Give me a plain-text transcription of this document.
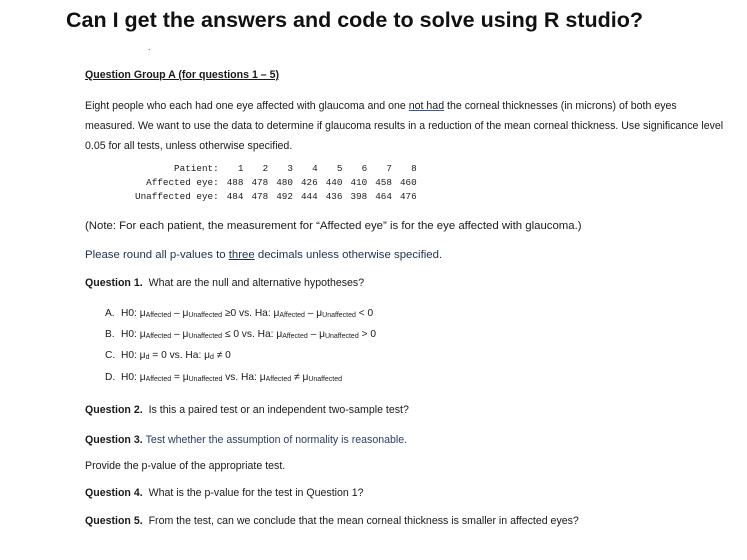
Can I get the answers and code to solve using R studio?
.
Question Group A (for questions 1 – 5)
Eight people who each had one eye affected with glaucoma and one not had the corneal thicknesses (in microns) of both eyes measured. We want to use the data to determine if glaucoma results in a reduction of the mean corneal thickness. Use significance level 0.05 for all tests, unless otherwise specified.
Patient:	1	2	3	4	5	6	7	8
Affected eye:	488	478	480	426	440	410	458	460
Unaffected eye:	484	478	492	444	436	398	464	476
(Note: For each patient, the measurement for “Affected eye” is for the eye affected with glaucoma.)
Please round all p-values to three decimals unless otherwise specified.
Question 1. What are the null and alternative hypotheses?
A. H0: μAffected – μUnaffected ≥0 vs. Ha: μAffected – μUnaffected < 0
B. H0: μAffected – μUnaffected ≤ 0 vs. Ha: μAffected – μUnaffected > 0
C. H0: μd = 0 vs. Ha: μd ≠ 0
D. H0: μAffected = μUnaffected vs. Ha: μAffected ≠ μUnaffected
Question 2. Is this a paired test or an independent two-sample test?
Question 3. Test whether the assumption of normality is reasonable.
Provide the p-value of the appropriate test.
Question 4. What is the p-value for the test in Question 1?
Question 5. From the test, can we conclude that the mean corneal thickness is smaller in affected eyes?
